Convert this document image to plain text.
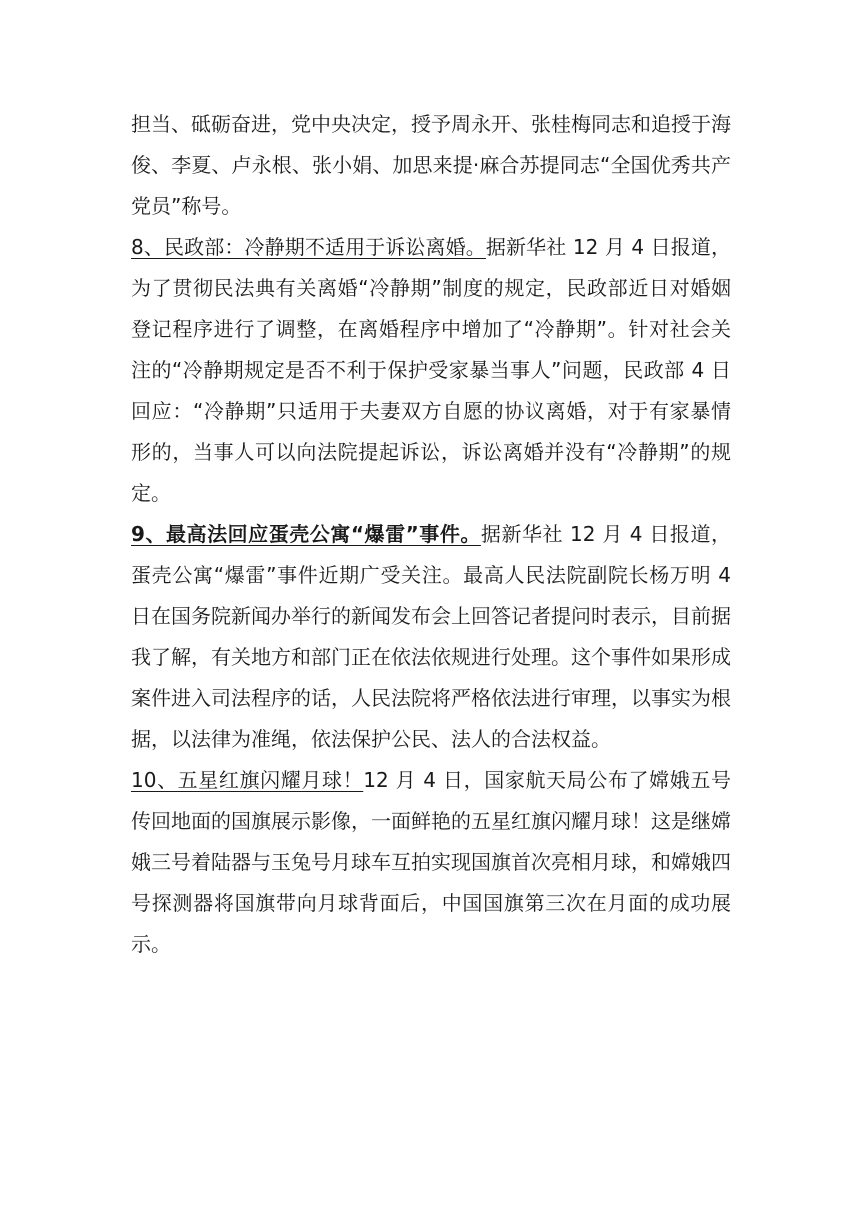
担当、砥砺奋进，党中央决定，授予周永开、张桂梅同志和追授于海俊、李夏、卢永根、张小娟、加思来提·麻合苏提同志“全国优秀共产党员”称号。

8、民政部：冷静期不适用于诉讼离婚。据新华社 12 月 4 日报道，为了贯彻民法典有关离婚“冷静期”制度的规定，民政部近日对婚姻登记程序进行了调整，在离婚程序中增加了“冷静期”。针对社会关注的“冷静期规定是否不利于保护受家暴当事人”问题，民政部 4 日回应：“冷静期”只适用于夫妻双方自愿的协议离婚，对于有家暴情形的，当事人可以向法院提起诉讼，诉讼离婚并没有“冷静期”的规定。

9、最高法回应蛋壳公寓“爆雷”事件。据新华社 12 月 4 日报道，蛋壳公寓“爆雷”事件近期广受关注。最高人民法院副院长杨万明 4 日在国务院新闻办举行的新闻发布会上回答记者提问时表示，目前据我了解，有关地方和部门正在依法依规进行处理。这个事件如果形成案件进入司法程序的话，人民法院将严格依法进行审理，以事实为根据，以法律为准绳，依法保护公民、法人的合法权益。

10、五星红旗闪耀月球！12 月 4 日，国家航天局公布了嫦娥五号传回地面的国旗展示影像，一面鲜艳的五星红旗闪耀月球！这是继嫦娥三号着陆器与玉兔号月球车互拍实现国旗首次亮相月球，和嫦娥四号探测器将国旗带向月球背面后，中国国旗第三次在月面的成功展示。
